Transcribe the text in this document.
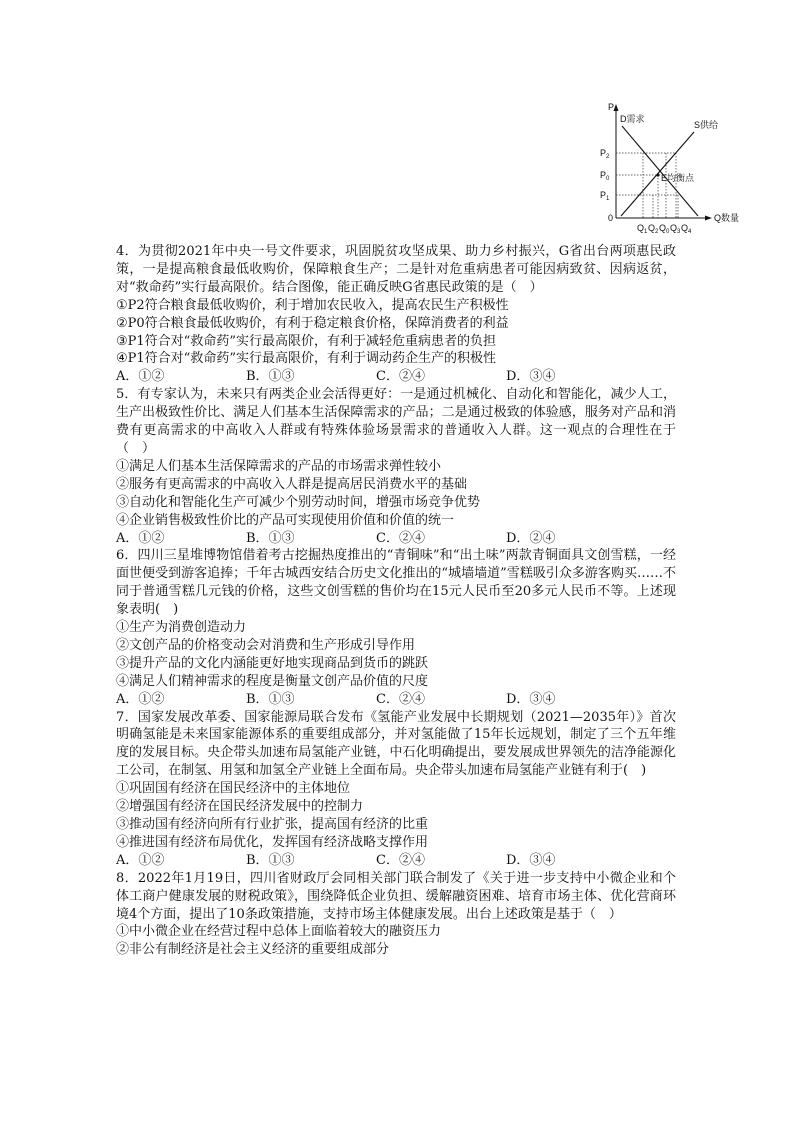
P
Q数量
0
D需求
S供给
E均衡点
$P_2$
$P_0$
$P_1$
$Q_1$ $Q_2$ $Q_0$ $Q_3$ $Q_4$

4．为贯彻2021年中央一号文件要求，巩固脱贫攻坚成果、助力乡村振兴，G省出台两项惠民政策，一是提高粮食最低收购价，保障粮食生产；二是针对危重病患者可能因病致贫、因病返贫，对“救命药”实行最高限价。结合图像，能正确反映G省惠民政策的是（　）

①P2符合粮食最低收购价，利于增加农民收入，提高农民生产积极性

②P0符合粮食最低收购价，有利于稳定粮食价格，保障消费者的利益

③P1符合对“救命药”实行最高限价，有利于减轻危重病患者的负担

④P1符合对“救命药”实行最高限价，有利于调动药企生产的积极性

A．①②	B．①③	C．②④	D．③④

5．有专家认为，未来只有两类企业会活得更好：一是通过机械化、自动化和智能化，减少人工，生产出极致性价比、满足人们基本生活保障需求的产品；二是通过极致的体验感，服务对产品和消费有更高需求的中高收入人群或有特殊体验场景需求的普通收入人群。这一观点的合理性在于（　）

①满足人们基本生活保障需求的产品的市场需求弹性较小

②服务有更高需求的中高收入人群是提高居民消费水平的基础

③自动化和智能化生产可减少个别劳动时间，增强市场竞争优势

④企业销售极致性价比的产品可实现使用价值和价值的统一

A．①②	B．①③	C．②④	D．②④

6．四川三星堆博物馆借着考古挖掘热度推出的“青铜味”和“出土味”两款青铜面具文创雪糕，一经面世便受到游客追捧；千年古城西安结合历史文化推出的“城墙墙道”雪糕吸引众多游客购买……不同于普通雪糕几元钱的价格，这些文创雪糕的售价均在15元人民币至20多元人民币不等。上述现象表明(　)

①生产为消费创造动力

②文创产品的价格变动会对消费和生产形成引导作用

③提升产品的文化内涵能更好地实现商品到货币的跳跃

④满足人们精神需求的程度是衡量文创产品价值的尺度

A．①②	B．①③	C．②④	D．③④

7．国家发展改革委、国家能源局联合发布《氢能产业发展中长期规划（2021—2035年）》首次明确氢能是未来国家能源体系的重要组成部分，并对氢能做了15年长远规划，制定了三个五年维度的发展目标。央企带头加速布局氢能产业链，中石化明确提出，要发展成世界领先的洁净能源化工公司，在制氢、用氢和加氢全产业链上全面布局。央企带头加速布局氢能产业链有利于(　)

①巩固国有经济在国民经济中的主体地位

②增强国有经济在国民经济发展中的控制力

③推动国有经济向所有行业扩张，提高国有经济的比重

④推进国有经济布局优化，发挥国有经济战略支撑作用

A．①②	B．①③	C．②④	D．③④

8．2022年1月19日，四川省财政厅会同相关部门联合制发了《关于进一步支持中小微企业和个体工商户健康发展的财税政策》，围绕降低企业负担、缓解融资困难、培育市场主体、优化营商环境4个方面，提出了10条政策措施，支持市场主体健康发展。出台上述政策是基于（　）

①中小微企业在经营过程中总体上面临着较大的融资压力

②非公有制经济是社会主义经济的重要组成部分
